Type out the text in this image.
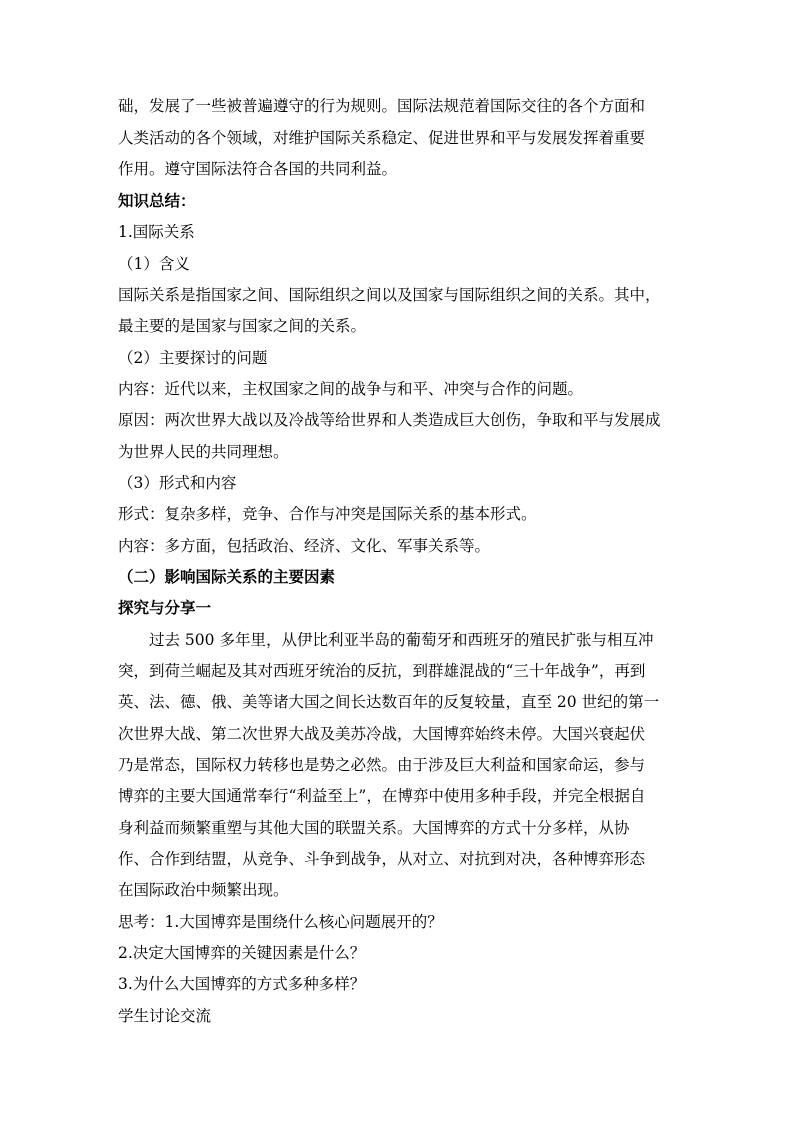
础，发展了一些被普遍遵守的行为规则。国际法规范着国际交往的各个方面和
人类活动的各个领域，对维护国际关系稳定、促进世界和平与发展发挥着重要
作用。遵守国际法符合各国的共同利益。
知识总结：
1.国际关系
（1）含义
国际关系是指国家之间、国际组织之间以及国家与国际组织之间的关系。其中，
最主要的是国家与国家之间的关系。
（2）主要探讨的问题
内容：近代以来，主权国家之间的战争与和平、冲突与合作的问题。
原因：两次世界大战以及冷战等给世界和人类造成巨大创伤，争取和平与发展成
为世界人民的共同理想。
（3）形式和内容
形式：复杂多样，竞争、合作与冲突是国际关系的基本形式。
内容：多方面，包括政治、经济、文化、军事关系等。
（二）影响国际关系的主要因素
探究与分享一
过去 500 多年里，从伊比利亚半岛的葡萄牙和西班牙的殖民扩张与相互冲
突，到荷兰崛起及其对西班牙统治的反抗，到群雄混战的“三十年战争”，再到
英、法、德、俄、美等诸大国之间长达数百年的反复较量，直至 20 世纪的第一
次世界大战、第二次世界大战及美苏冷战，大国博弈始终未停。大国兴衰起伏
乃是常态，国际权力转移也是势之必然。由于涉及巨大利益和国家命运，参与
博弈的主要大国通常奉行“利益至上”，在博弈中使用多种手段，并完全根据自
身利益而频繁重塑与其他大国的联盟关系。大国博弈的方式十分多样，从协
作、合作到结盟，从竞争、斗争到战争，从对立、对抗到对决，各种博弈形态
在国际政治中频繁出现。
思考：1.大国博弈是围绕什么核心问题展开的？
2.决定大国博弈的关键因素是什么？
3.为什么大国博弈的方式多种多样？
学生讨论交流
